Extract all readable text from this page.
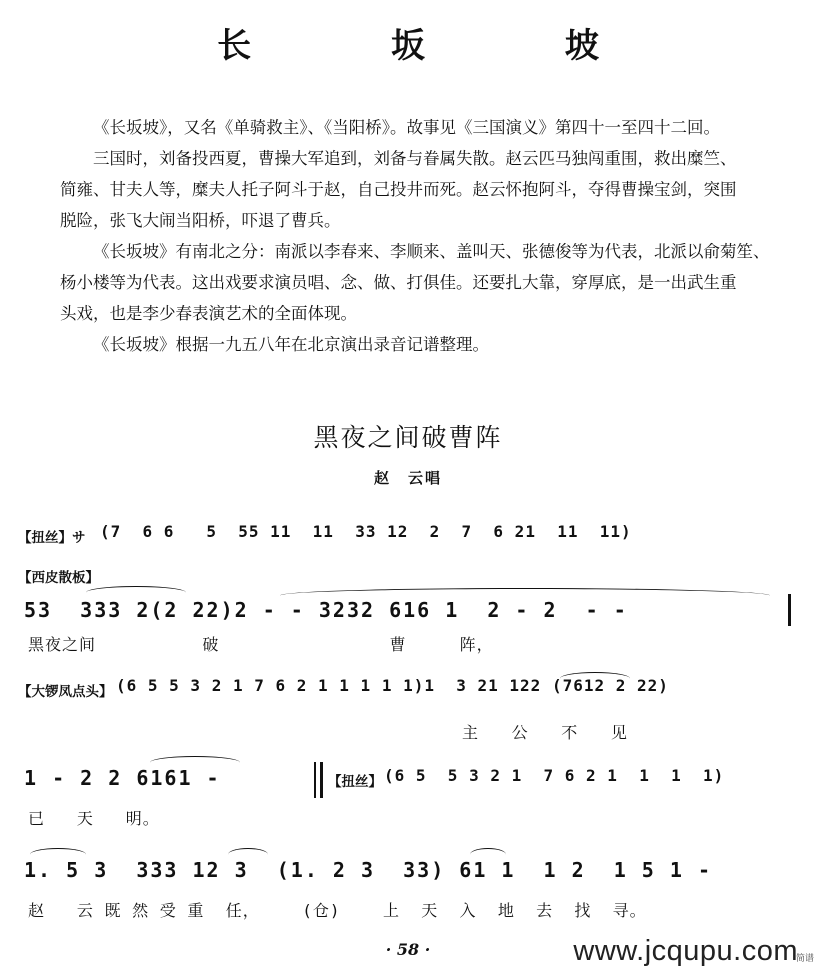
长 坂 坡

《长坂坡》，又名《单骑救主》、《当阳桥》。故事见《三国演义》第四十一至四十二回。

三国时，刘备投西夏，曹操大军追到，刘备与眷属失散。赵云匹马独闯重围，救出糜竺、

简雍、甘夫人等，糜夫人托子阿斗于赵，自己投井而死。赵云怀抱阿斗，夺得曹操宝剑，突围

脱险，张飞大闹当阳桥，吓退了曹兵。

《长坂坡》有南北之分：南派以李春来、李顺来、盖叫天、张德俊等为代表，北派以俞菊笙、

杨小楼等为代表。这出戏要求演员唱、念、做、打俱佳。还要扎大靠，穿厚底，是一出武生重

头戏，也是李少春表演艺术的全面体现。

《长坂坡》根据一九五八年在北京演出录音记谱整理。

黑夜之间破曹阵
赵　云唱
【扭丝】サ (7  6 6   5  55 11  11  33 12  2  7  6 21  11  11)
【西皮散板】
53  333 2(2 22)2 - - 3232 616 1  2 - 2  - -
黑夜之间          破                曹     阵，
【大锣凤点头】 (6 5 5 3 2 1 7 6 2 1 1 1 1 1)1  3 21 122 (7612 2 22)
主 公 不 见
1 - 2 2 6161 -	【扭丝】 (6 5  5 3 2 1  7 6 2 1  1  1  1)
已   天   明。
1. 5 3  333 12 3  (1. 2 3  33) 61 1  1 2  1 5 1 -
赵   云 既 然 受 重  任，    (仓)    上  天  入  地  去  找  寻。
· 58 ·	www.jcqupu.com
简谱
